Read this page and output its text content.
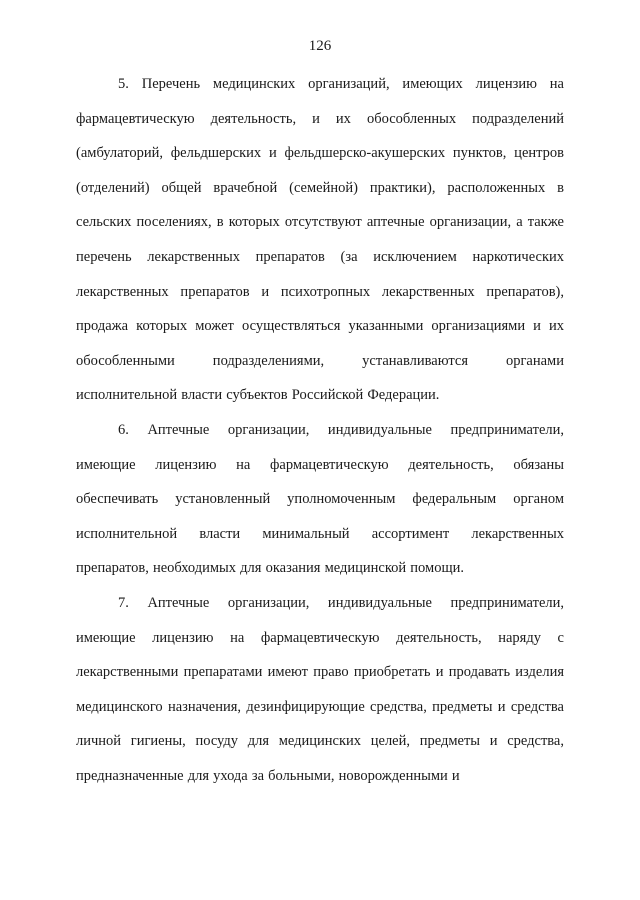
126

5. Перечень медицинских организаций, имеющих лицензию на фармацевтическую деятельность, и их обособленных подразделений (амбулаторий, фельдшерских и фельдшерско-акушерских пунктов, центров (отделений) общей врачебной (семейной) практики), расположенных в сельских поселениях, в которых отсутствуют аптечные организации, а также перечень лекарственных препаратов (за исключением наркотических лекарственных препаратов и психотропных лекарственных препаратов), продажа которых может осуществляться указанными организациями и их обособленными подразделениями, устанавливаются органами исполнительной власти субъектов Российской Федерации.

6. Аптечные организации, индивидуальные предприниматели, имеющие лицензию на фармацевтическую деятельность, обязаны обеспечивать установленный уполномоченным федеральным органом исполнительной власти минимальный ассортимент лекарственных препаратов, необходимых для оказания медицинской помощи.

7. Аптечные организации, индивидуальные предприниматели, имеющие лицензию на фармацевтическую деятельность, наряду с лекарственными препаратами имеют право приобретать и продавать изделия медицинского назначения, дезинфицирующие средства, предметы и средства личной гигиены, посуду для медицинских целей, предметы и средства, предназначенные для ухода за больными, новорожденными и
